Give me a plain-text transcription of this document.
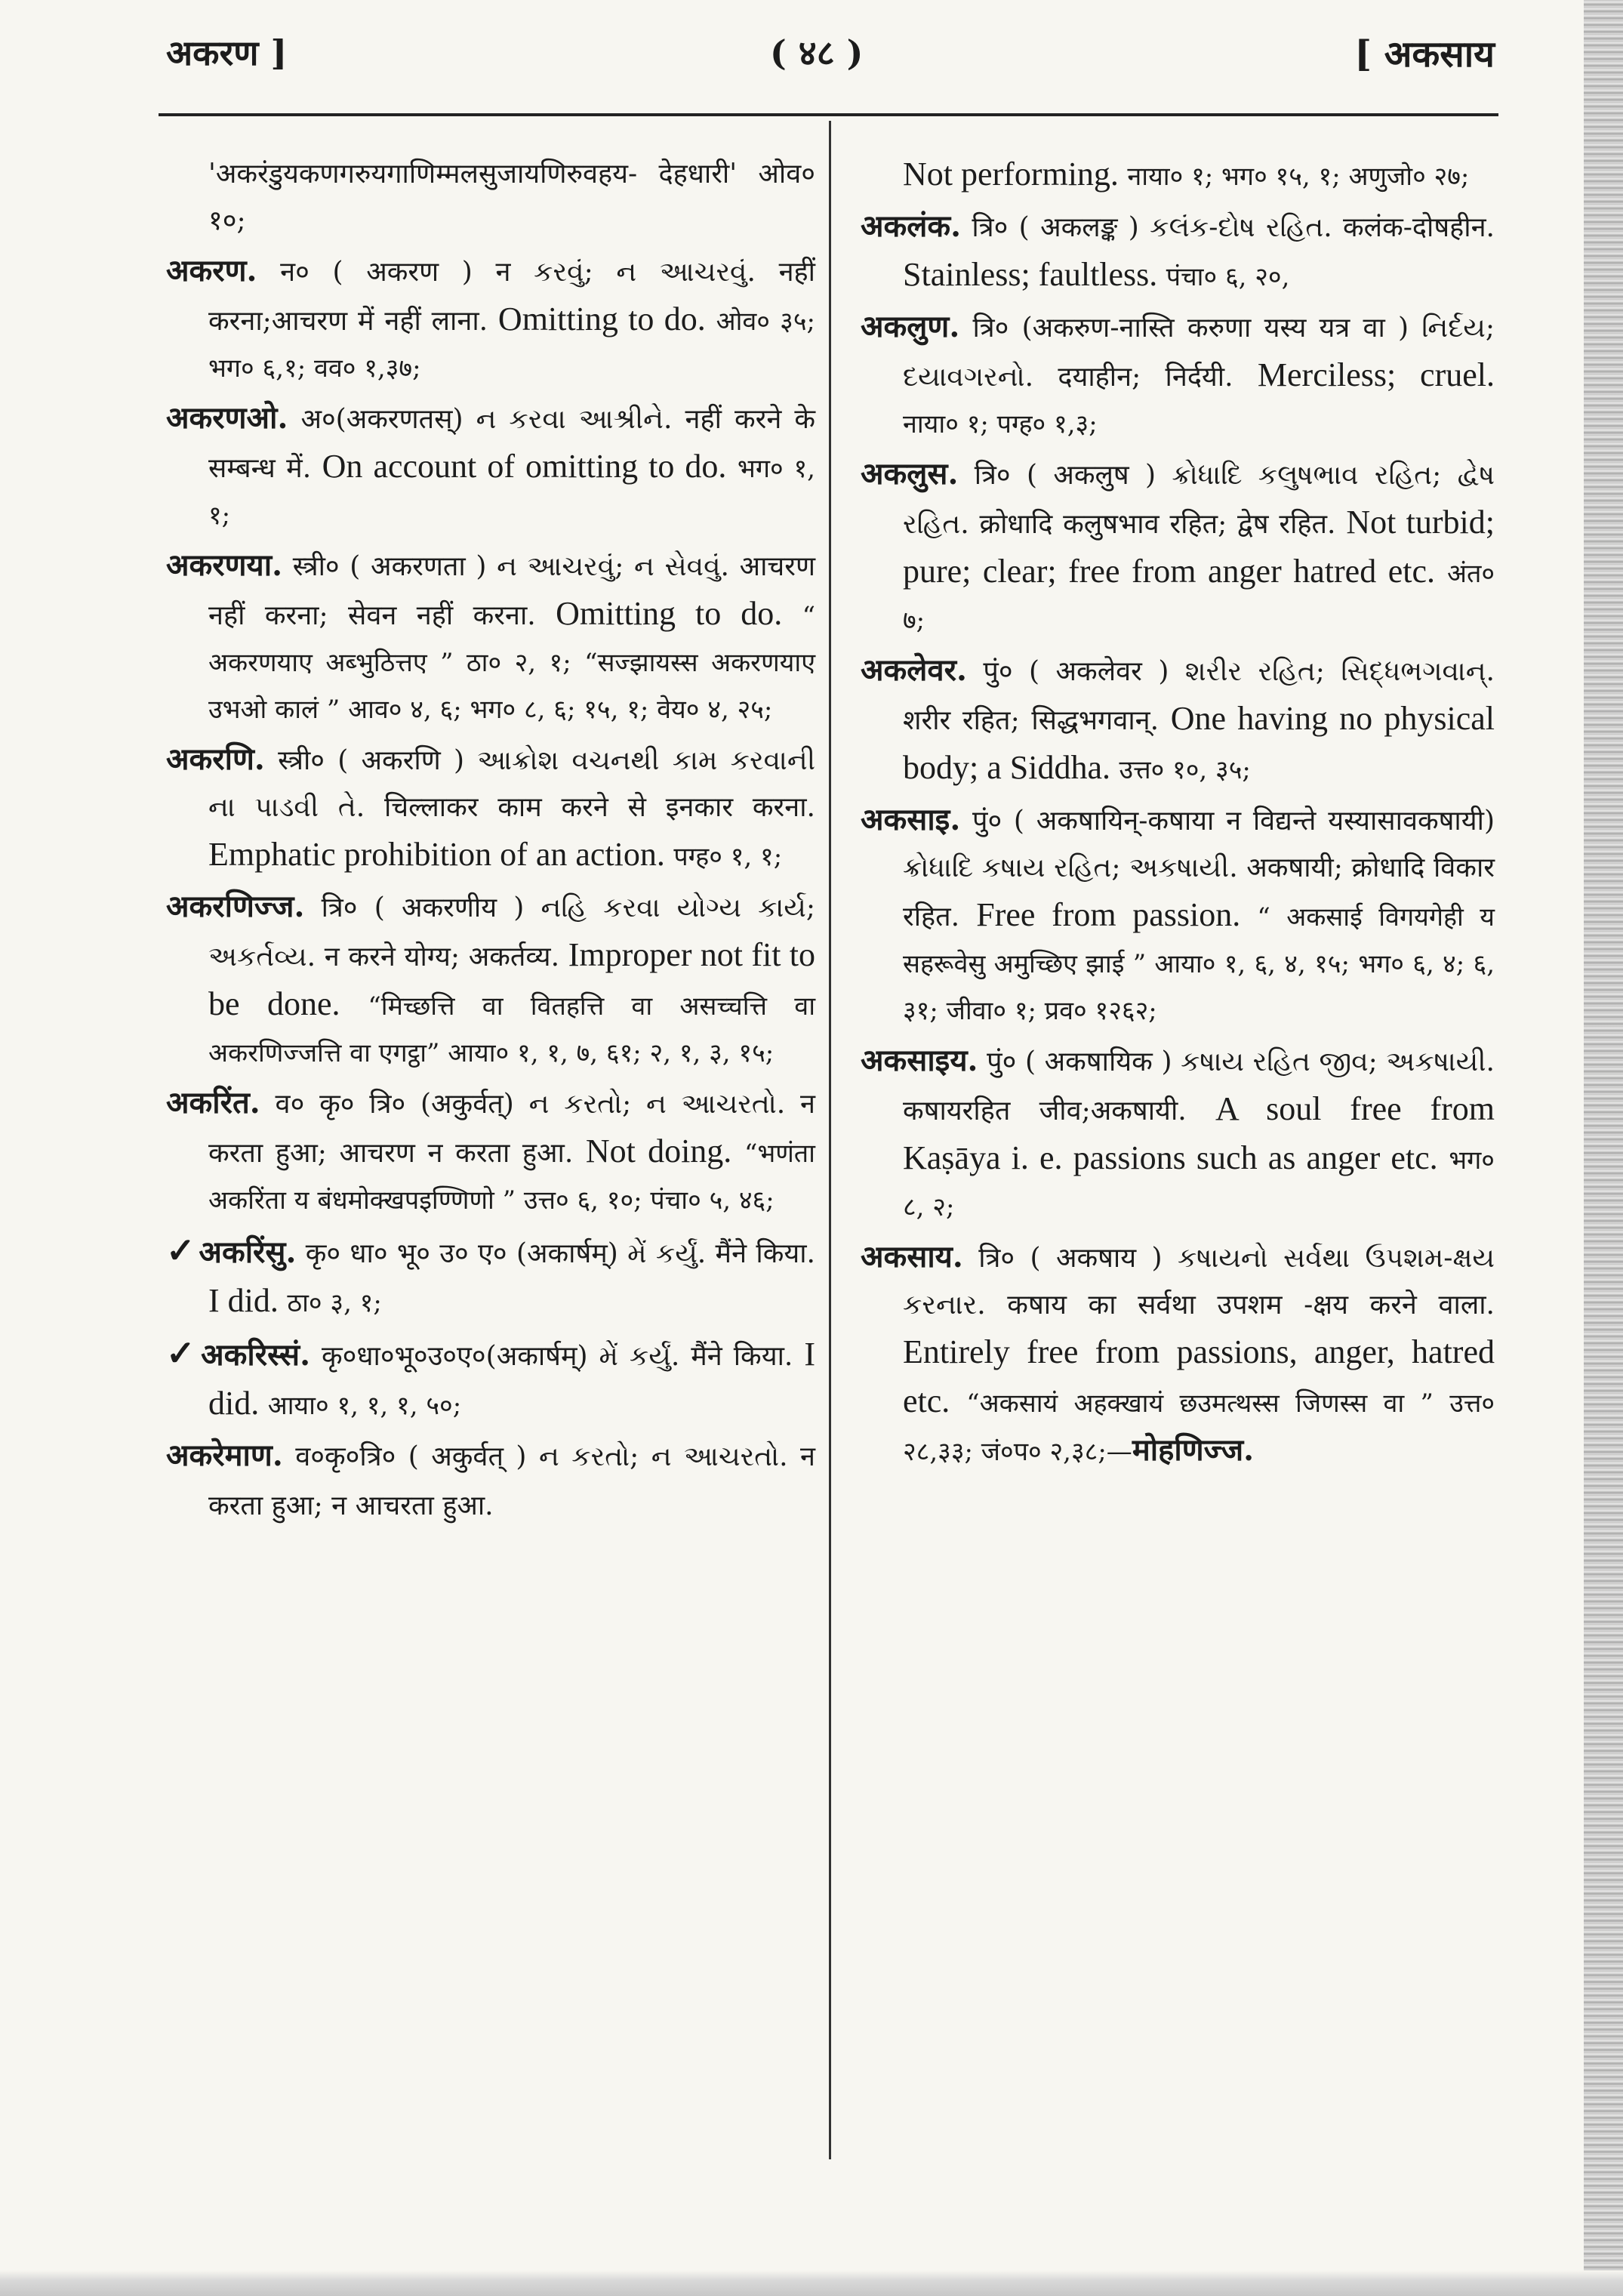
अकरण ]	( ४८ )	[ अकसाय

'अकरंडुयकणगरुयगाणिम्मलसुजायणिरुवहय- देहधारी' ओव० १०;

अकरण. न० ( अकरण ) न કરવું; ન આચરવું. नहीं करना;आचरण में नहीं लाना. Omitting to do. ओव० ३५; भग० ६,१; वव० १,३७;

अकरणओ. अ०(अकरणतस्) ન કરવા આશ્રીને. नहीं करने के सम्बन्ध में. On account of omitting to do. भग० १, १;

अकरणया. स्त्री० ( अकरणता ) ન આચરવું; ન સેવવું. आचरण नहीं करना; सेवन नहीं करना. Omitting to do. “ अकरणयाए अब्भुठित्तए ” ठा० २, १; “सज्झायस्स अकरणयाए उभओ कालं ” आव० ४, ६; भग० ८, ६; १५, १; वेय० ४, २५;

अकरणि. स्त्री० ( अकरणि ) આક્રોશ વચનથી કામ કરવાની ના પાડવી તે. चिल्लाकर काम करने से इनकार करना. Emphatic prohibition of an action. पग्ह० १, १;

अकरणिज्ज. त्रि० ( अकरणीय ) નહિ કરવા યોગ્ય કાર્ય; અકર્તવ્ય. न करने योग्य; अकर्तव्य. Improper not fit to be done. “मिच्छत्ति वा वितहत्ति वा असच्चत्ति वा अकरणिज्जत्ति वा एगट्ठा” आया० १, १, ७, ६१; २, १, ३, १५;

अकरिंत. व० कृ० त्रि० (अकुर्वत्) ન કરતો; ન આચરતો. न करता हुआ; आचरण न करता हुआ. Not doing. “भणंता अकरिंता य बंधमोक्खपइण्णिणो ” उत्त० ६, १०; पंचा० ५, ४६;

✓ अकरिंसु. कृ० धा० भू० उ० ए० (अकार्षम्) મેં કર્યું. मैंने किया. I did. ठा० ३, १;

✓ अकरिस्सं. कृ०धा०भू०उ०ए०(अकार्षम्) મેં કર્યું. मैंने किया. I did. आया० १, १, १, ५०;

अकरेमाण. व०कृ०त्रि० ( अकुर्वत् ) ન કરતો; ન આચરતો. न करता हुआ; न आचरता हुआ.

Not performing. नाया० १; भग० १५, १; अणुजो० २७;

अकलंक. त्रि० ( अकलङ्क ) કલંક-દોષ રહિત. कलंक-दोषहीन. Stainless; faultless. पंचा० ६, २०,

अकलुण. त्रि० (अकरुण-नास्ति करुणा यस्य यत्र वा ) નિર્દય; દયાવગરનો. दयाहीन; निर्दयी. Merciless; cruel. नाया० १; पग्ह० १,३;

अकलुस. त्रि० ( अकलुष ) ક્રોધાદિ કલુષભાવ રહિત; દ્વેષ રહિત. क्रोधादि कलुषभाव रहित; द्वेष रहित. Not turbid; pure; clear; free from anger hatred etc. अंत० ७;

अकलेवर. पुं० ( अकलेवर ) શરીર રહિત; સિદ્ધભગવાન્. शरीर रहित; सिद्धभगवान्. One having no physical body; a Siddha. उत्त० १०, ३५;

अकसाइ. पुं० ( अकषायिन्-कषाया न विद्यन्ते यस्यासावकषायी) ક્રોધાદિ કષાય રહિત; અકષાયી. अकषायी; क्रोधादि विकार रहित. Free from passion. “ अकसाई विगयगेही य सहरूवेसु अमुच्छिए झाई ” आया० १, ६, ४, १५; भग० ६, ४; ६, ३१; जीवा० १; प्रव० १२६२;

अकसाइय. पुं० ( अकषायिक ) કષાય રહિત જીવ; અકષાયી. कषायरहित जीव;अकषायी. A soul free from Kaṣāya i. e. passions such as anger etc. भग० ८, २;

अकसाय. त्रि० ( अकषाय ) કષાયનો સર્વથા ઉપશમ-ક્ષય કરનાર. कषाय का सर्वथा उपशम -क्षय करने वाला. Entirely free from passions, anger, hatred etc. “अकसायं अहक्खायं छउमत्थस्स जिणस्स वा ” उत्त० २८,३३; जं०प० २,३८;—मोहणिज्ज.
